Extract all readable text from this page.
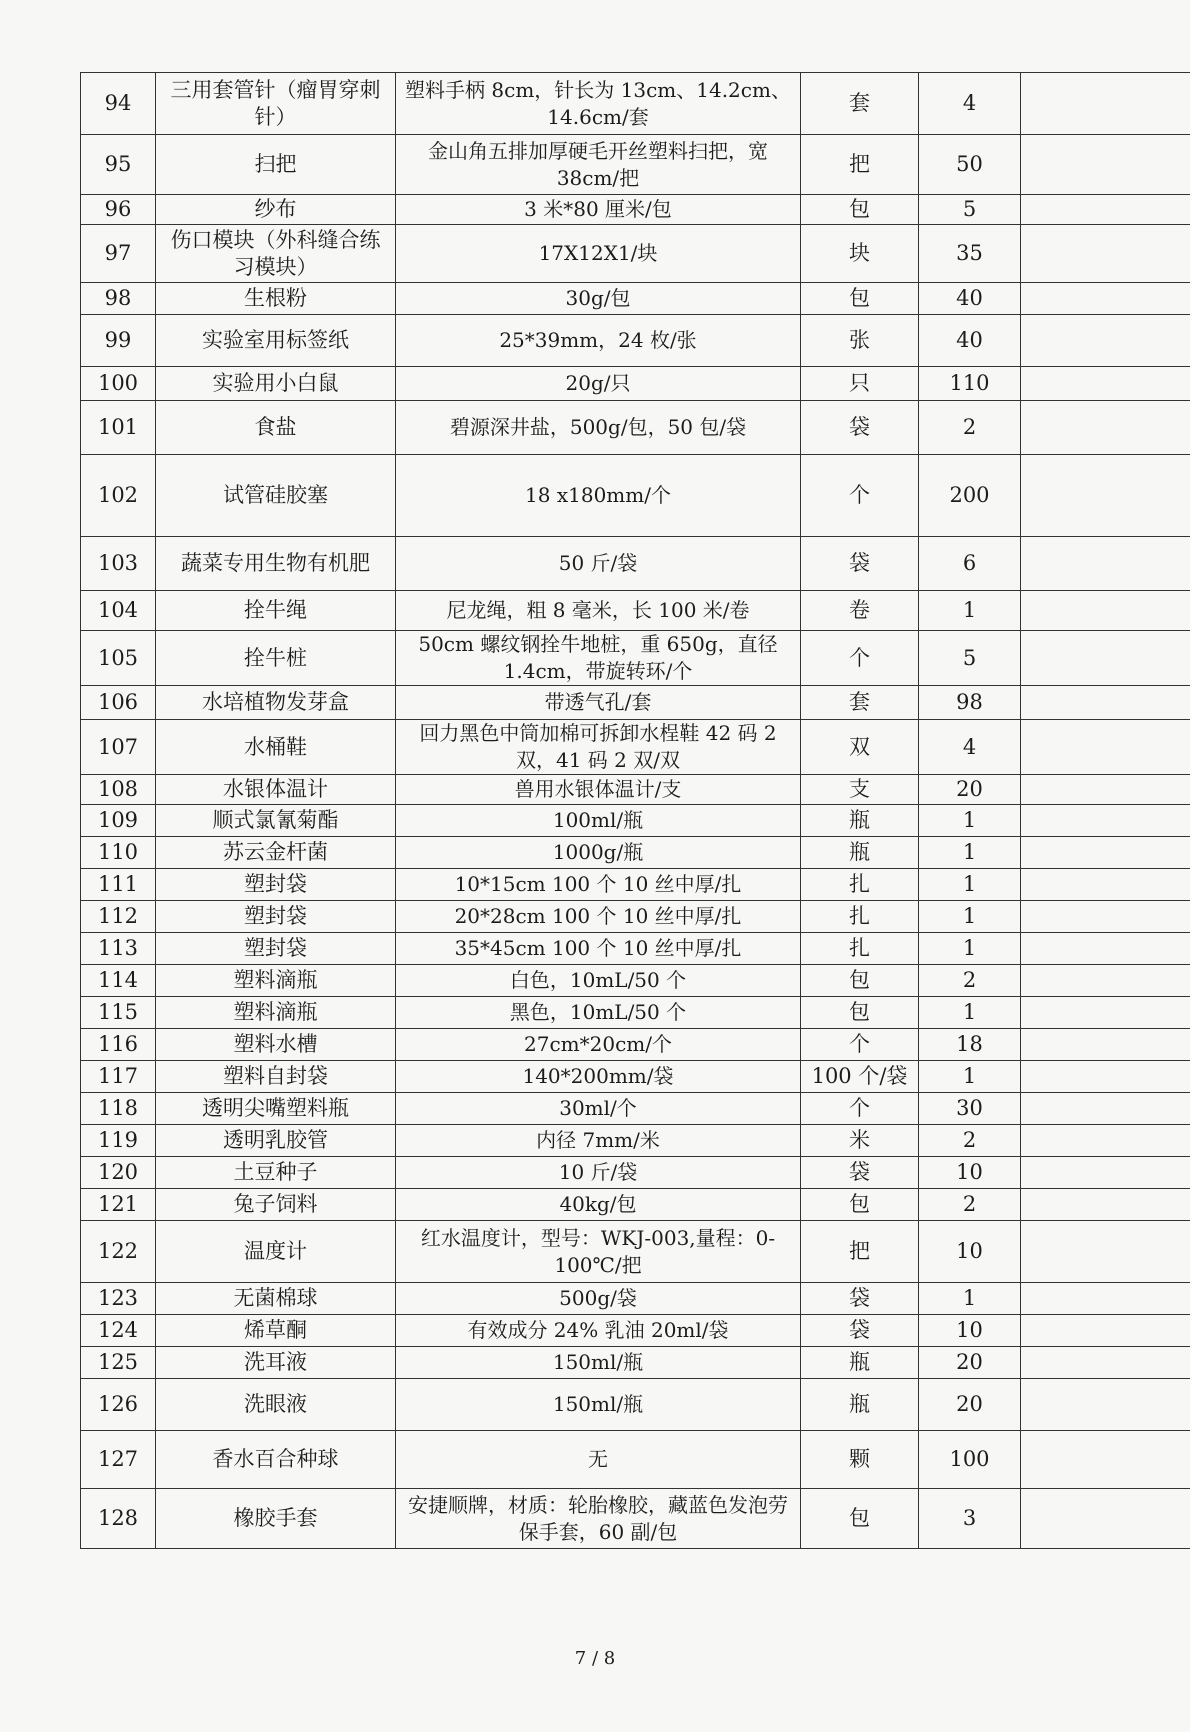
94	三用套管针（瘤胃穿刺针）	塑料手柄 8cm，针长为 13cm、14.2cm、14.6cm/套	套	4	
95	扫把	金山角五排加厚硬毛开丝塑料扫把，宽 38cm/把	把	50	
96	纱布	3 米*80 厘米/包	包	5	
97	伤口模块（外科缝合练习模块）	17X12X1/块	块	35	
98	生根粉	30g/包	包	40	
99	实验室用标签纸	25*39mm，24 枚/张	张	40	
100	实验用小白鼠	20g/只	只	110	
101	食盐	碧源深井盐，500g/包，50 包/袋	袋	2	
102	试管硅胶塞	18 x180mm/个	个	200	
103	蔬菜专用生物有机肥	50 斤/袋	袋	6	
104	拴牛绳	尼龙绳，粗 8 毫米，长 100 米/卷	卷	1	
105	拴牛桩	50cm 螺纹钢拴牛地桩，重 650g，直径 1.4cm，带旋转环/个	个	5	
106	水培植物发芽盒	带透气孔/套	套	98	
107	水桶鞋	回力黑色中筒加棉可拆卸水桯鞋 42 码 2 双，41 码 2 双/双	双	4	
108	水银体温计	兽用水银体温计/支	支	20	
109	顺式氯氰菊酯	100ml/瓶	瓶	1	
110	苏云金杆菌	1000g/瓶	瓶	1	
111	塑封袋	10*15cm 100 个 10 丝中厚/扎	扎	1	
112	塑封袋	20*28cm 100 个 10 丝中厚/扎	扎	1	
113	塑封袋	35*45cm 100 个 10 丝中厚/扎	扎	1	
114	塑料滴瓶	白色，10mL/50 个	包	2	
115	塑料滴瓶	黑色，10mL/50 个	包	1	
116	塑料水槽	27cm*20cm/个	个	18	
117	塑料自封袋	140*200mm/袋	100 个/袋	1	
118	透明尖嘴塑料瓶	30ml/个	个	30	
119	透明乳胶管	内径 7mm/米	米	2	
120	土豆种子	10 斤/袋	袋	10	
121	兔子饲料	40kg/包	包	2	
122	温度计	红水温度计，型号：WKJ-003,量程：0-100℃/把	把	10	
123	无菌棉球	500g/袋	袋	1	
124	烯草酮	有效成分 24% 乳油 20ml/袋	袋	10	
125	洗耳液	150ml/瓶	瓶	20	
126	洗眼液	150ml/瓶	瓶	20	
127	香水百合种球	无	颗	100	
128	橡胶手套	安捷顺牌，材质：轮胎橡胶，藏蓝色发泡劳保手套，60 副/包	包	3	
7 / 8
